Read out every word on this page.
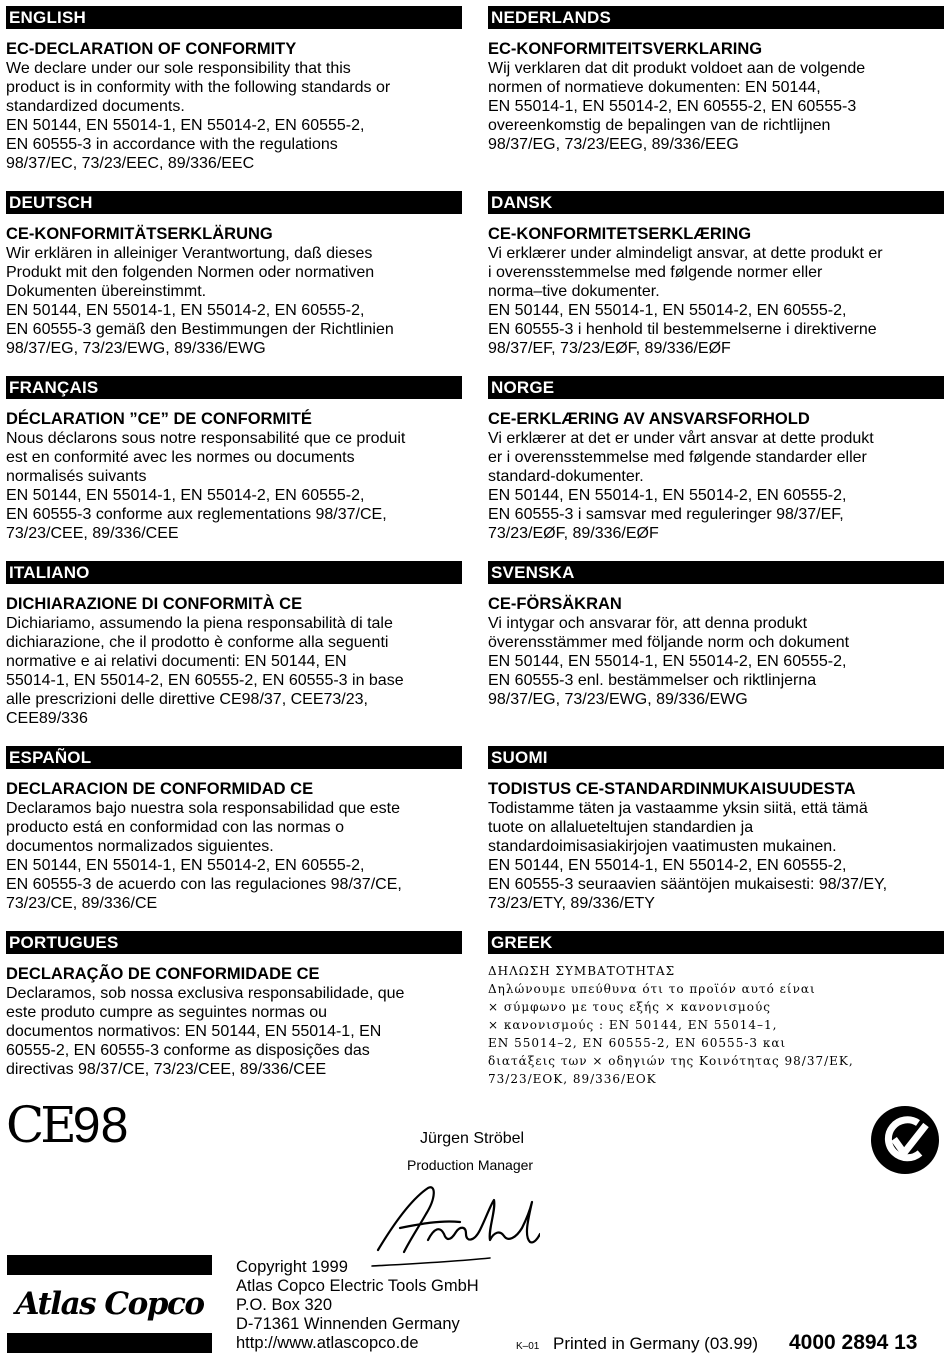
ENGLISH
EC-DECLARATION OF CONFORMITY
We declare under our sole responsibility that this
product is in conformity with the following standards or
standardized documents.
EN 50144, EN 55014-1, EN 55014-2, EN 60555-2,
EN 60555-3 in accordance with the regulations
98/37/EC, 73/23/EEC, 89/336/EEC
DEUTSCH
CE-KONFORMITÄTSERKLÄRUNG
Wir erklären in alleiniger Verantwortung, daß dieses
Produkt mit den folgenden Normen oder normativen
Dokumenten übereinstimmt.
EN 50144, EN 55014-1, EN 55014-2, EN 60555-2,
EN 60555-3 gemäß den Bestimmungen der Richtlinien
98/37/EG, 73/23/EWG, 89/336/EWG
FRANÇAIS
DÉCLARATION ”CE” DE CONFORMITÉ
Nous déclarons sous notre responsabilité que ce produit
est en conformité avec les normes ou documents
normalisés suivants
EN 50144, EN 55014-1, EN 55014-2, EN 60555-2,
EN 60555-3 conforme aux reglementations 98/37/CE,
73/23/CEE, 89/336/CEE
ITALIANO
DICHIARAZIONE DI CONFORMITÀ CE
Dichiariamo, assumendo la piena responsabilità di tale
dichiarazione, che il prodotto è conforme alla seguenti
normative e ai relativi documenti: EN 50144, EN
55014-1, EN 55014-2, EN 60555-2, EN 60555-3 in base
alle prescrizioni delle direttive CE98/37, CEE73/23,
CEE89/336
ESPAÑOL
DECLARACION DE CONFORMIDAD CE
Declaramos bajo nuestra sola responsabilidad que este
producto está en conformidad con las normas o
documentos normalizados siguientes.
EN 50144, EN 55014-1, EN 55014-2, EN 60555-2,
EN 60555-3 de acuerdo con las regulaciones 98/37/CE,
73/23/CE, 89/336/CE
PORTUGUES
DECLARAÇÃO DE CONFORMIDADE CE
Declaramos, sob nossa exclusiva responsabilidade, que
este produto cumpre as seguintes normas ou
documentos normativos: EN 50144, EN 55014-1, EN
60555-2, EN 60555-3 conforme as disposições das
directivas 98/37/CE, 73/23/CEE, 89/336/CEE
NEDERLANDS
EC-KONFORMITEITSVERKLARING
Wij verklaren dat dit produkt voldoet aan de volgende
normen of normatieve dokumenten: EN 50144,
EN 55014-1, EN 55014-2, EN 60555-2, EN 60555-3
overeenkomstig de bepalingen van de richtlijnen
98/37/EG, 73/23/EEG, 89/336/EEG
DANSK
CE-KONFORMITETSERKLÆRING
Vi erklærer under almindeligt ansvar, at dette produkt er
i overensstemmelse med følgende normer eller
norma–tive dokumenter.
EN 50144, EN 55014-1, EN 55014-2, EN 60555-2,
EN 60555-3 i henhold til bestemmelserne i direktiverne
98/37/EF, 73/23/EØF, 89/336/EØF
NORGE
CE-ERKLÆRING AV ANSVARSFORHOLD
Vi erklærer at det er under vårt ansvar at dette produkt
er i overensstemmelse med følgende standarder eller
standard-dokumenter.
EN 50144, EN 55014-1, EN 55014-2, EN 60555-2,
EN 60555-3 i samsvar med reguleringer 98/37/EF,
73/23/EØF, 89/336/EØF
SVENSKA
CE-FÖRSÄKRAN
Vi intygar och ansvarar för, att denna produkt
överensstämmer med följande norm och dokument
EN 50144, EN 55014-1, EN 55014-2, EN 60555-2,
EN 60555-3 enl. bestämmelser och riktlinjerna
98/37/EG, 73/23/EWG, 89/336/EWG
SUOMI
TODISTUS CE-STANDARDINMUKAISUUDESTA
Todistamme täten ja vastaamme yksin siitä, että tämä
tuote on allalueteltujen standardien ja
standardoimisasiakirjojen vaatimusten mukainen.
EN 50144, EN 55014-1, EN 55014-2, EN 60555-2,
EN 60555-3 seuraavien sääntöjen mukaisesti: 98/37/EY,
73/23/ETY, 89/336/ETY
GREEK
ΔΗΛΩΣΗ ΣΥΜΒΑΤΟΤΗΤΑΣ
Δηλώνουμε υπεύθυνα ότι το προϊόν αυτό είναι
× σύμφωνο με τους εξής × κανονισμούς
× κανονισμούς : EN 50144, EN 55014–1,
EN 55014–2, EN 60555-2, EN 60555-3 και
διατάξεις των × οδηγιών της Κοινότητας 98/37/EK,
73/23/EOK, 89/336/EOK
CE98	Jürgen Ströbel
Production Manager
Atlas Copco
Copyright 1999
Atlas Copco Electric Tools GmbH
P.O. Box 320
D-71361 Winnenden Germany
http://www.atlascopco.de	K–01 Printed in Germany (03.99) 4000 2894 13
